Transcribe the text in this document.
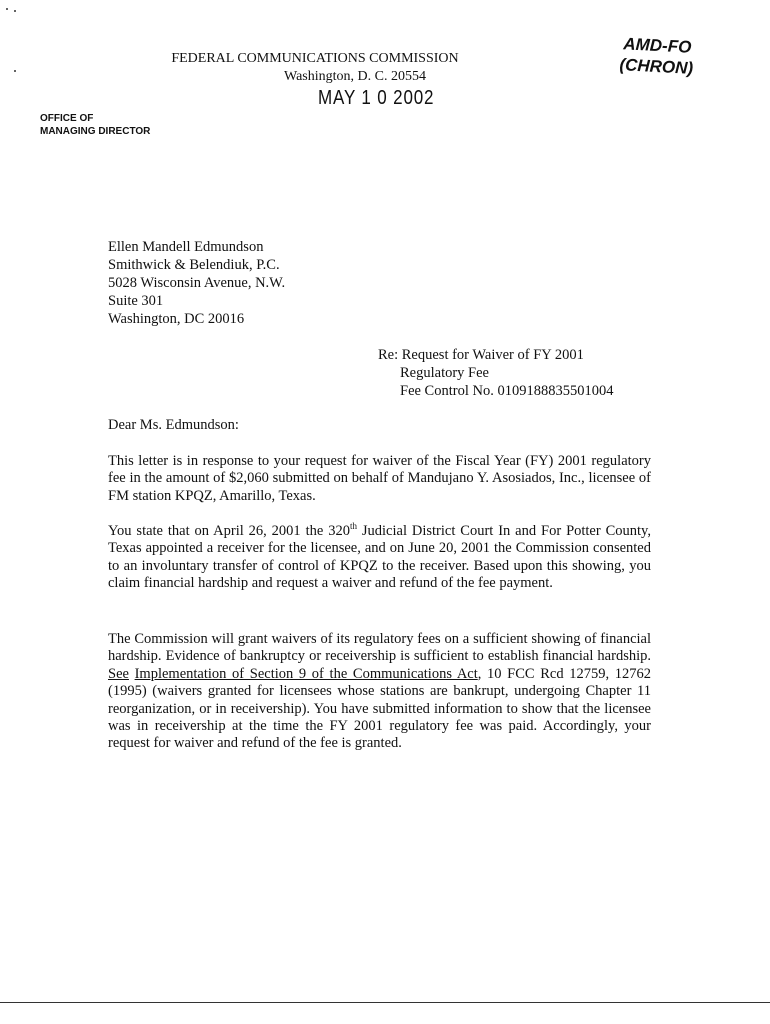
FEDERAL COMMUNICATIONS COMMISSION
Washington, D. C. 20554
MAY 1 0 2002
AMD-FO
(CHRON)
OFFICE OF
MANAGING DIRECTOR
Ellen Mandell Edmundson
Smithwick & Belendiuk, P.C.
5028 Wisconsin Avenue, N.W.
Suite 301
Washington, DC 20016
Re: Request for Waiver of FY 2001
Regulatory Fee
Fee Control No. 0109188835501004
Dear Ms. Edmundson:
This letter is in response to your request for waiver of the Fiscal Year (FY) 2001 regulatory fee in the amount of $2,060 submitted on behalf of Mandujano Y. Asosiados, Inc., licensee of FM station KPQZ, Amarillo, Texas.
You state that on April 26, 2001 the 320th Judicial District Court In and For Potter County, Texas appointed a receiver for the licensee, and on June 20, 2001 the Commission consented to an involuntary transfer of control of KPQZ to the receiver. Based upon this showing, you claim financial hardship and request a waiver and refund of the fee payment.
The Commission will grant waivers of its regulatory fees on a sufficient showing of financial hardship. Evidence of bankruptcy or receivership is sufficient to establish financial hardship. See Implementation of Section 9 of the Communications Act, 10 FCC Rcd 12759, 12762 (1995) (waivers granted for licensees whose stations are bankrupt, undergoing Chapter 11 reorganization, or in receivership). You have submitted information to show that the licensee was in receivership at the time the FY 2001 regulatory fee was paid. Accordingly, your request for waiver and refund of the fee is granted.
